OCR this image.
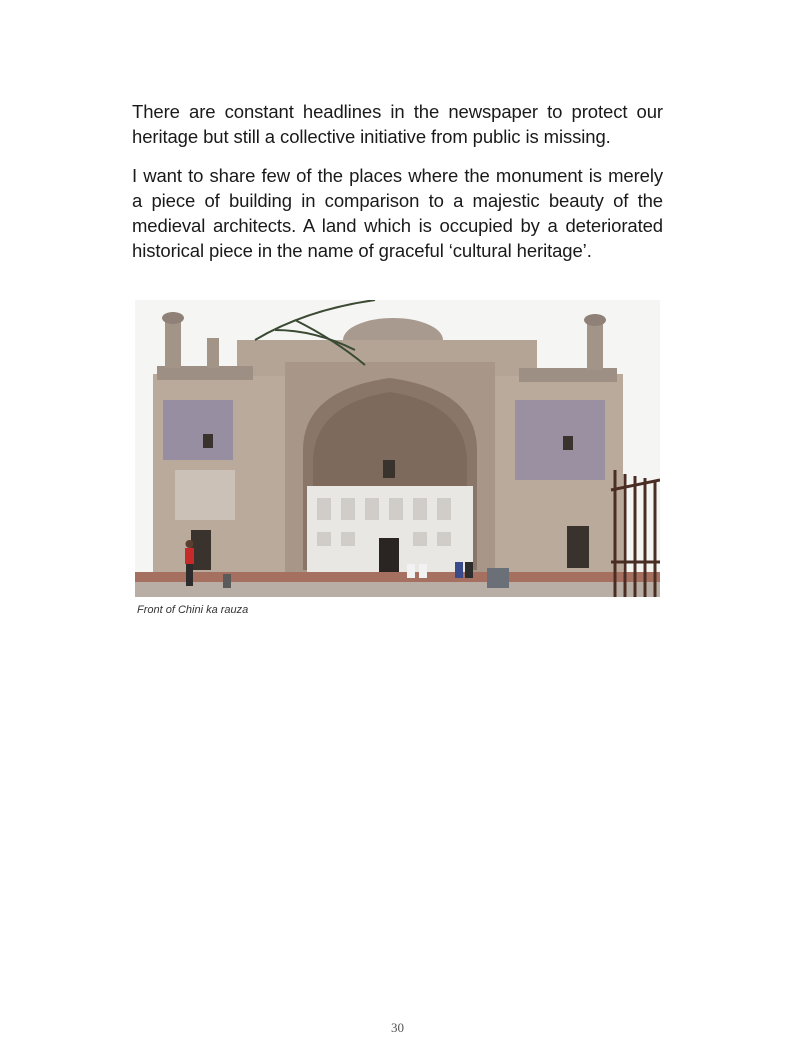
There are constant headlines in the newspaper to protect our heritage but still a collective initiative from public is missing.

I want to share few of the places where the monument is merely a piece of building in comparison to a majestic beauty of the medieval architects. A land which is occupied by a deteriorated historical piece in the name of graceful ‘cultural heritage’.

Front of Chini ka rauza
30
